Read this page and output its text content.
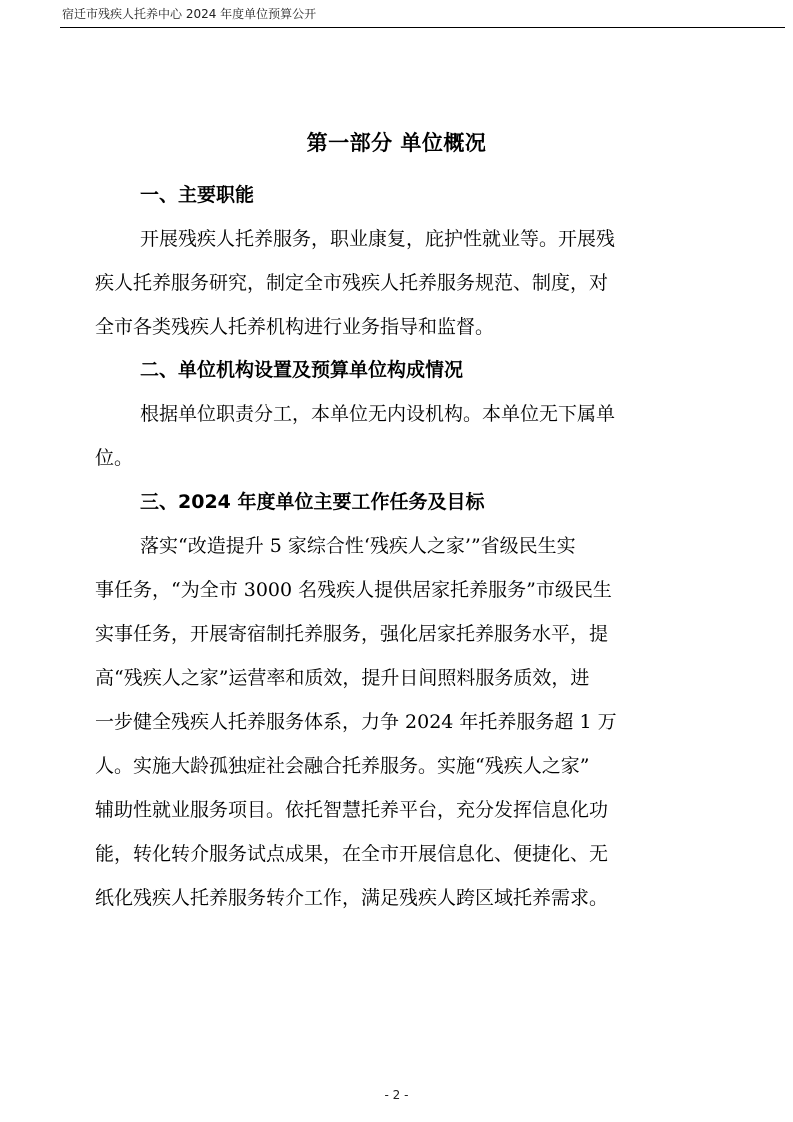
宿迁市残疾人托养中心 2024 年度单位预算公开
第一部分 单位概况
一、主要职能

开展残疾人托养服务，职业康复，庇护性就业等。开展残

疾人托养服务研究，制定全市残疾人托养服务规范、制度，对

全市各类残疾人托养机构进行业务指导和监督。

二、单位机构设置及预算单位构成情况

根据单位职责分工，本单位无内设机构。本单位无下属单

位。

三、2024 年度单位主要工作任务及目标

落实“改造提升 5 家综合性‘残疾人之家’”省级民生实

事任务，“为全市 3000 名残疾人提供居家托养服务”市级民生

实事任务，开展寄宿制托养服务，强化居家托养服务水平，提

高“残疾人之家”运营率和质效，提升日间照料服务质效，进

一步健全残疾人托养服务体系，力争 2024 年托养服务超 1 万

人。实施大龄孤独症社会融合托养服务。实施“残疾人之家”

辅助性就业服务项目。依托智慧托养平台，充分发挥信息化功

能，转化转介服务试点成果，在全市开展信息化、便捷化、无

纸化残疾人托养服务转介工作，满足残疾人跨区域托养需求。

- 2 -
